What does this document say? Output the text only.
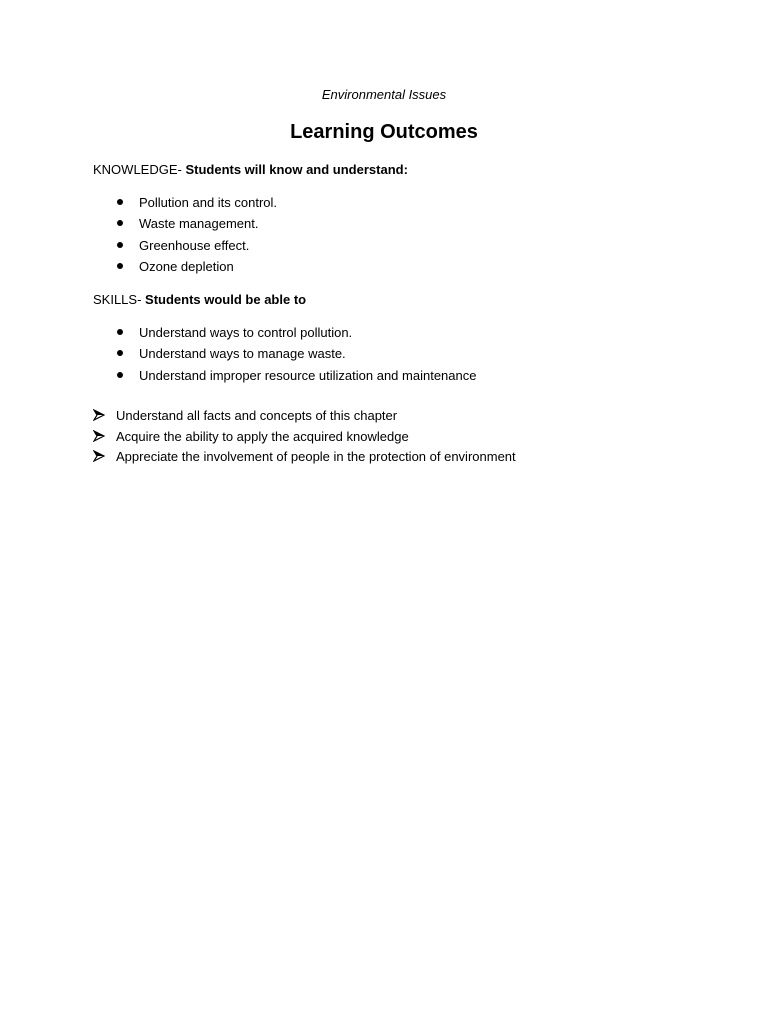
Environmental Issues
Learning Outcomes
KNOWLEDGE- Students will know and understand:
Pollution and its control.
Waste management.
Greenhouse effect.
Ozone depletion
SKILLS- Students would be able to
Understand ways to control pollution.
Understand ways to manage waste.
Understand improper resource utilization and maintenance
Understand all facts and concepts of this chapter
Acquire the ability to apply the acquired knowledge
Appreciate the involvement of people in the protection of environment
